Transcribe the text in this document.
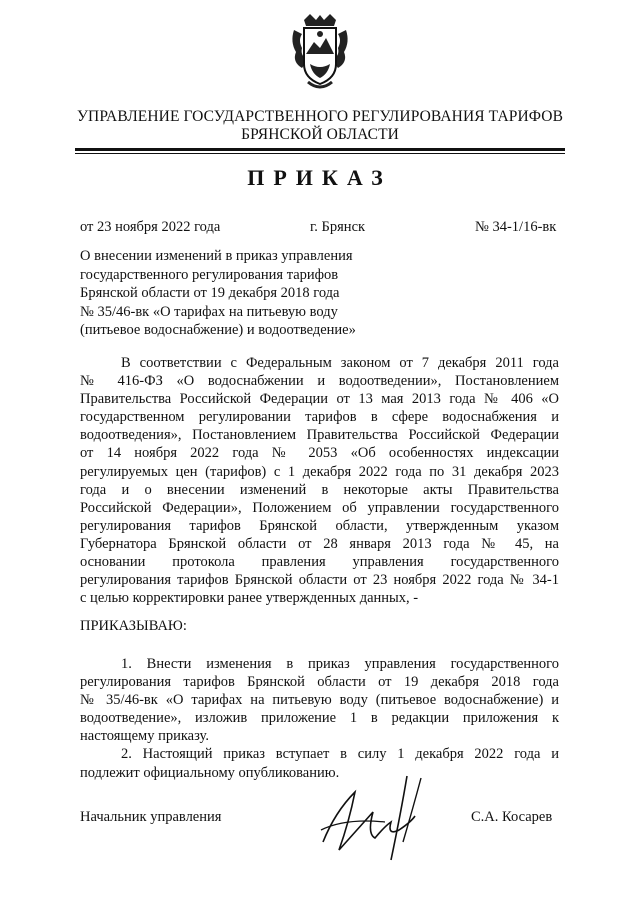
УПРАВЛЕНИЕ ГОСУДАРСТВЕННОГО РЕГУЛИРОВАНИЯ ТАРИФОВ
БРЯНСКОЙ ОБЛАСТИ
ПРИКАЗ
от 23 ноября 2022 года	г. Брянск	№ 34-1/16-вк
О внесении изменений в приказ управления
государственного регулирования тарифов
Брянской области от 19 декабря 2018 года
№ 35/46-вк «О тарифах на питьевую воду
(питьевое водоснабжение) и водоотведение»
В соответствии с Федеральным законом от 7 декабря 2011 года
№ 416-ФЗ «О водоснабжении и водоотведении», Постановлением
Правительства Российской Федерации от 13 мая 2013 года № 406 «О
государственном регулировании тарифов в сфере водоснабжения и
водоотведения», Постановлением Правительства Российской Федерации
от 14 ноября 2022 года № 2053 «Об особенностях индексации
регулируемых цен (тарифов) с 1 декабря 2022 года по 31 декабря 2023
года и о внесении изменений в некоторые акты Правительства
Российской Федерации», Положением об управлении государственного
регулирования тарифов Брянской области, утвержденным указом
Губернатора Брянской области от 28 января 2013 года № 45, на
основании протокола правления управления государственного
регулирования тарифов Брянской области от 23 ноября 2022 года № 34-1
с целью корректировки ранее утвержденных данных, -
ПРИКАЗЫВАЮ:
1. Внести изменения в приказ управления государственного
регулирования тарифов Брянской области от 19 декабря 2018 года
№ 35/46-вк «О тарифах на питьевую воду (питьевое водоснабжение) и
водоотведение», изложив приложение 1 в редакции приложения к
настоящему приказу.
2. Настоящий приказ вступает в силу 1 декабря 2022 года и
подлежит официальному опубликованию.
Начальник управления	С.А. Косарев
